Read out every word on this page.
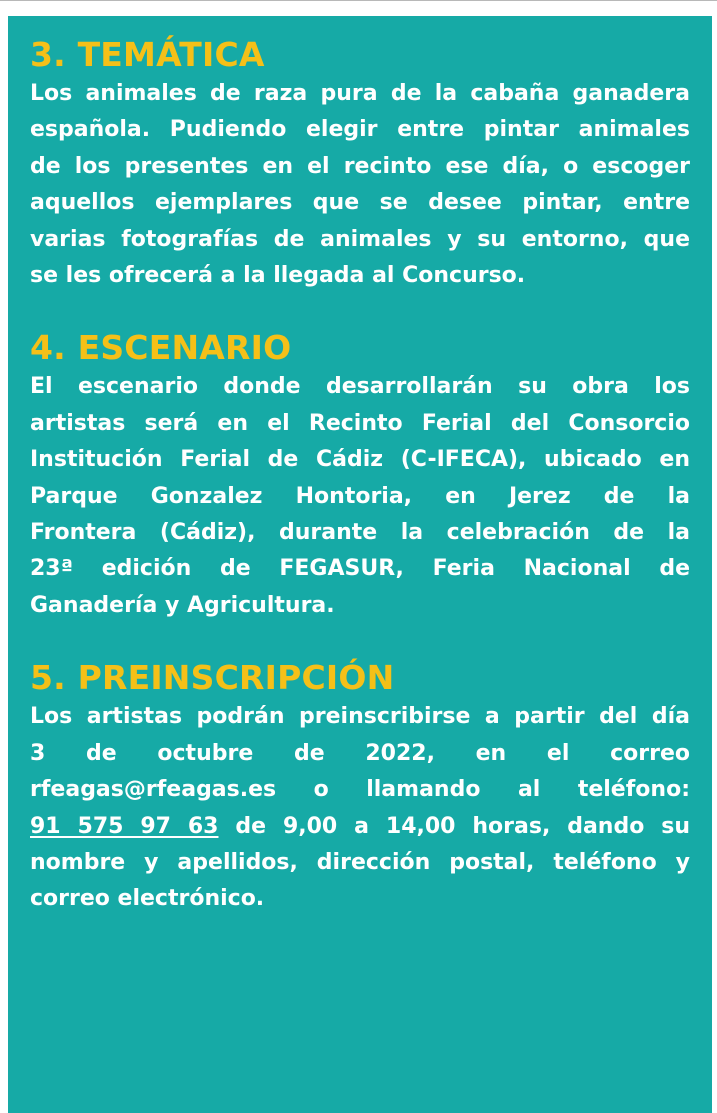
3. TEMÁTICA

Los animales de raza pura de la cabaña ganadera
española. Pudiendo elegir entre pintar animales
de los presentes en el recinto ese día, o escoger
aquellos ejemplares que se desee pintar, entre
varias fotografías de animales y su entorno, que
se les ofrecerá a la llegada al Concurso.

4. ESCENARIO

El escenario donde desarrollarán su obra los
artistas será en el Recinto Ferial del Consorcio
Institución Ferial de Cádiz (C-IFECA), ubicado en
Parque Gonzalez Hontoria, en Jerez de la
Frontera (Cádiz), durante la celebración de la
23ª edición de FEGASUR, Feria Nacional de
Ganadería y Agricultura.

5. PREINSCRIPCIÓN

Los artistas podrán preinscribirse a partir del día
3 de octubre de 2022, en el correo
rfeagas@rfeagas.es o llamando al teléfono:
91 575 97 63 de 9,00 a 14,00 horas, dando su
nombre y apellidos, dirección postal, teléfono y
correo electrónico.
